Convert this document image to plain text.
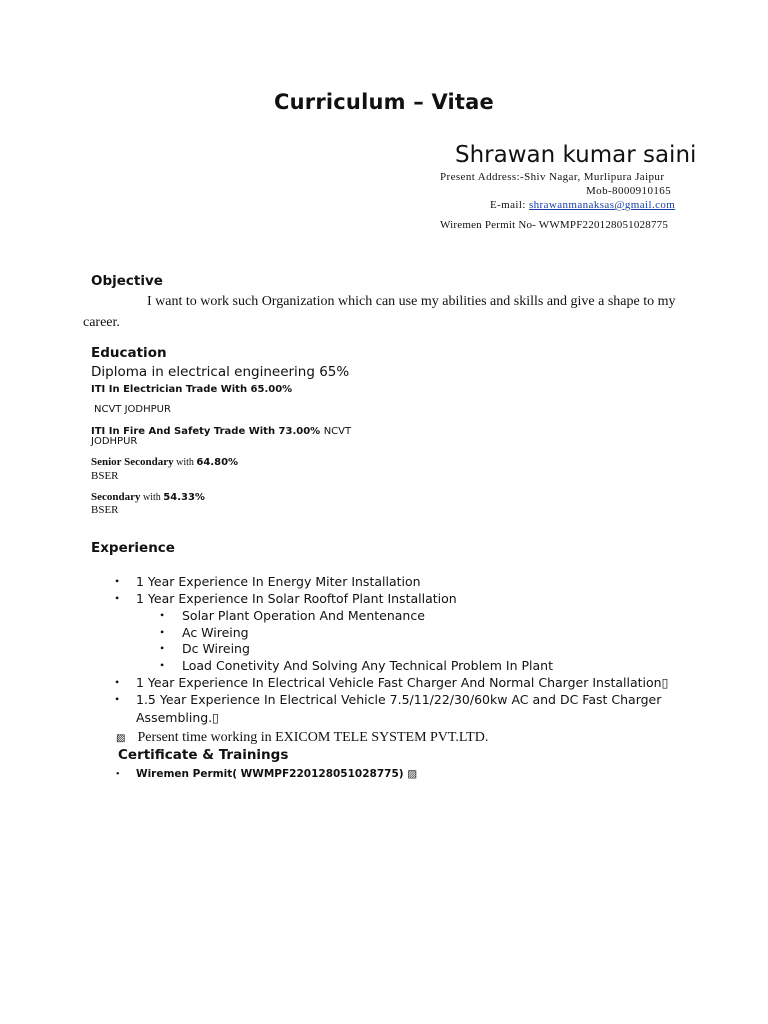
Curriculum – Vitae
Shrawan kumar saini
Present Address:-Shiv Nagar, Murlipura Jaipur
Mob-8000910165
E-mail: shrawanmanaksas@gmail.com
Wiremen Permit No- WWMPF220128051028775
Objective
I want to work such Organization which can use my abilities and skills and give a shape to my career.
Education
Diploma in electrical engineering 65%
ITI In Electrician Trade With 65.00%
NCVT JODHPUR
ITI In Fire And Safety Trade With 73.00% NCVT
JODHPUR
Senior Secondary with 64.80%
BSER
Secondary with 54.33%
BSER
Experience
• 1 Year Experience In Energy Miter Installation
• 1 Year Experience In Solar Rooftof Plant Installation
• Solar Plant Operation And Mentenance
• Ac Wireing
• Dc Wireing
• Load Conetivity And Solving Any Technical Problem In Plant
• 1 Year Experience In Electrical Vehicle Fast Charger And Normal Charger Installation▯
• 1.5 Year Experience In Electrical Vehicle 7.5/11/22/30/60kw AC and DC Fast Charger
Assembling.▯
▨ Persent time working in EXICOM TELE SYSTEM PVT.LTD.
Certificate & Trainings
• Wiremen Permit( WWMPF220128051028775) ▨
